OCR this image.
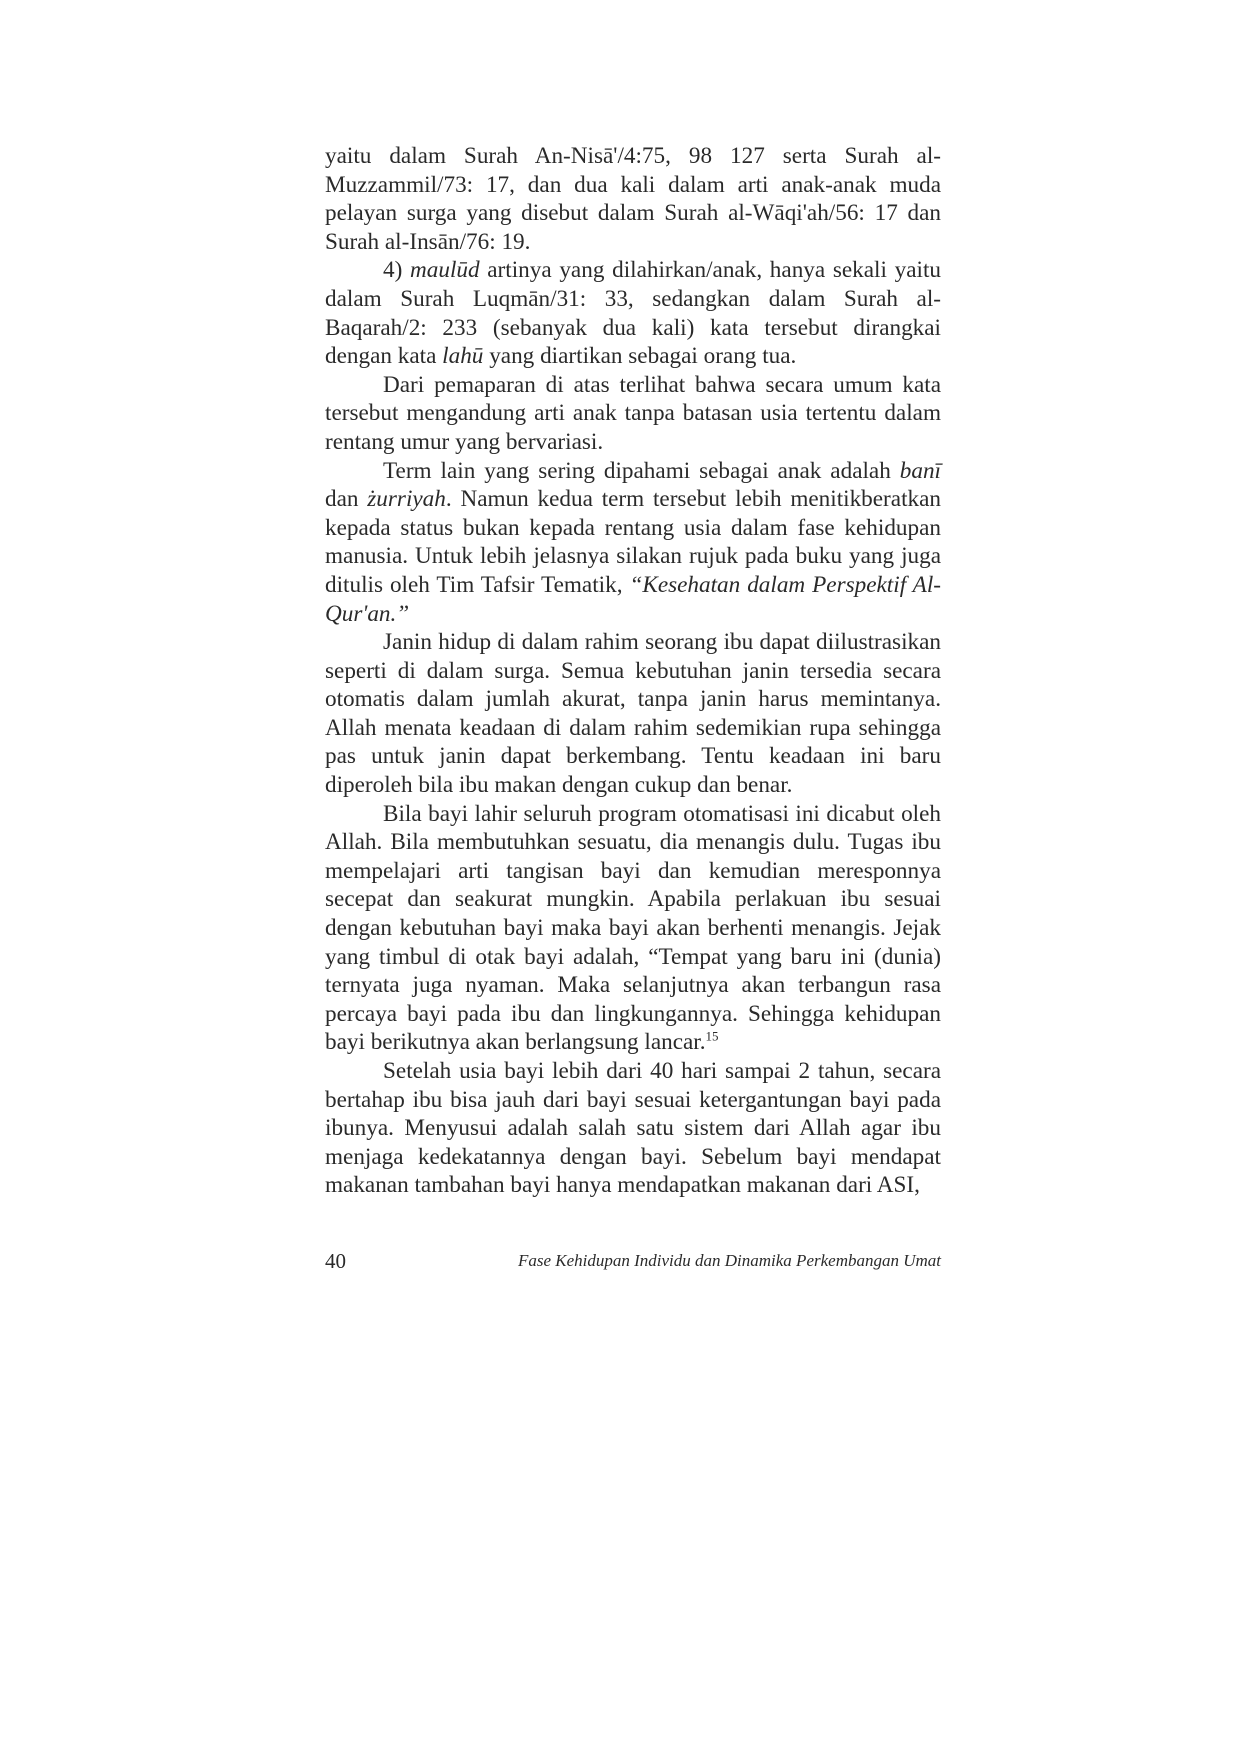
yaitu dalam Surah An-Nisā'/4:75, 98 127 serta Surah al-Muzzammil/73: 17, dan dua kali dalam arti anak-anak muda pelayan surga yang disebut dalam Surah al-Wāqi'ah/56: 17 dan Surah al-Insān/76: 19.

4) maulūd artinya yang dilahirkan/anak, hanya sekali yaitu dalam Surah Luqmān/31: 33, sedangkan dalam Surah al-Baqarah/2: 233 (sebanyak dua kali) kata tersebut dirangkai dengan kata lahū yang diartikan sebagai orang tua.

Dari pemaparan di atas terlihat bahwa secara umum kata tersebut mengandung arti anak tanpa batasan usia tertentu dalam rentang umur yang bervariasi.

Term lain yang sering dipahami sebagai anak adalah banī dan żurriyah. Namun kedua term tersebut lebih menitikberatkan kepada status bukan kepada rentang usia dalam fase kehidupan manusia. Untuk lebih jelasnya silakan rujuk pada buku yang juga ditulis oleh Tim Tafsir Tematik, “Kesehatan dalam Perspektif Al-Qur'an.”

Janin hidup di dalam rahim seorang ibu dapat diilustrasikan seperti di dalam surga. Semua kebutuhan janin tersedia secara otomatis dalam jumlah akurat, tanpa janin harus memintanya. Allah menata keadaan di dalam rahim sedemikian rupa sehingga pas untuk janin dapat berkembang. Tentu keadaan ini baru diperoleh bila ibu makan dengan cukup dan benar.

Bila bayi lahir seluruh program otomatisasi ini dicabut oleh Allah. Bila membutuhkan sesuatu, dia menangis dulu. Tugas ibu mempelajari arti tangisan bayi dan kemudian meresponnya secepat dan seakurat mungkin. Apabila perlakuan ibu sesuai dengan kebutuhan bayi maka bayi akan berhenti menangis. Jejak yang timbul di otak bayi adalah, “Tempat yang baru ini (dunia) ternyata juga nyaman. Maka selanjutnya akan terbangun rasa percaya bayi pada ibu dan lingkungannya. Sehingga kehidupan bayi berikutnya akan berlangsung lancar.$^{15}$

Setelah usia bayi lebih dari 40 hari sampai 2 tahun, secara bertahap ibu bisa jauh dari bayi sesuai ketergantungan bayi pada ibunya. Menyusui adalah salah satu sistem dari Allah agar ibu menjaga kedekatannya dengan bayi. Sebelum bayi mendapat makanan tambahan bayi hanya mendapatkan makanan dari ASI,

40	Fase Kehidupan Individu dan Dinamika Perkembangan Umat
